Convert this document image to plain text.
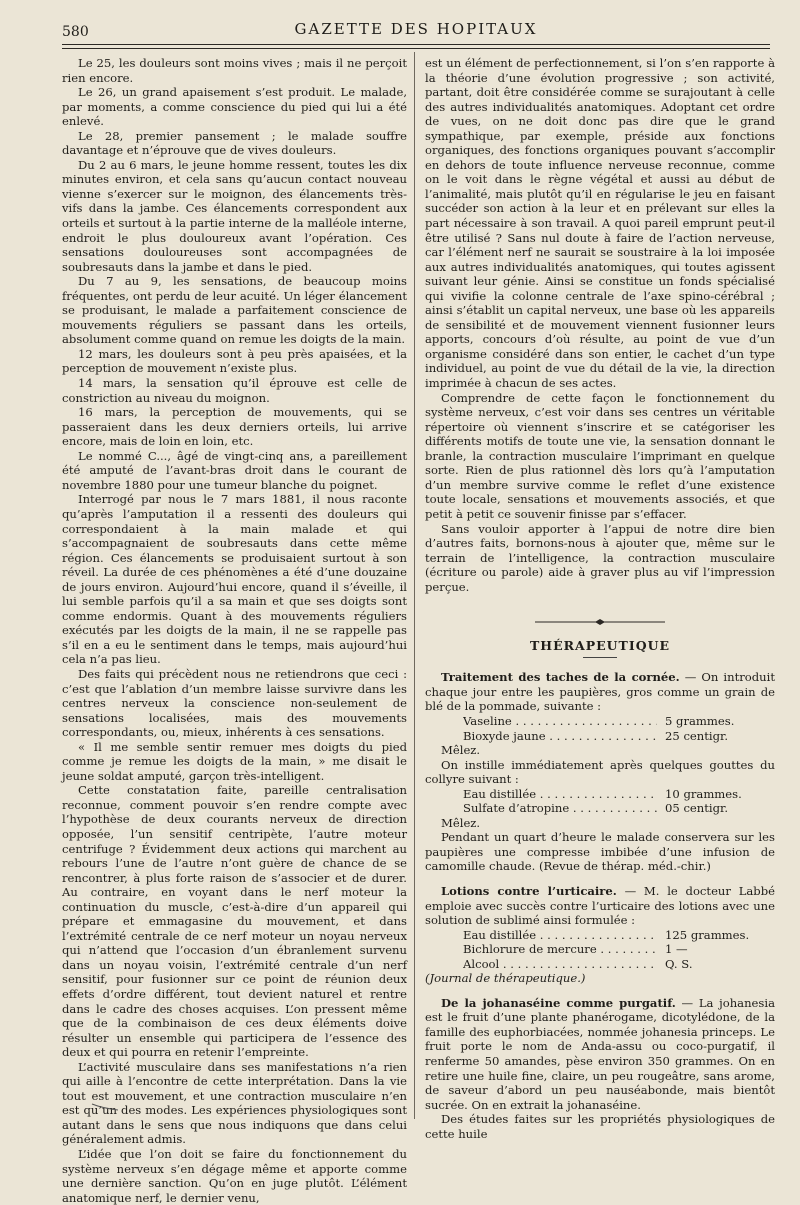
580	GAZETTE DES HOPITAUX

Le 25, les douleurs sont moins vives ; mais il ne perçoit rien encore.

Le 26, un grand apaisement s’est produit. Le malade, par moments, a comme conscience du pied qui lui a été enlevé.

Le 28, premier pansement ; le malade souffre davantage et n’éprouve que de vives douleurs.

Du 2 au 6 mars, le jeune homme ressent, toutes les dix minutes environ, et cela sans qu’aucun contact nouveau vienne s’exercer sur le moignon, des élancements très-vifs dans la jambe. Ces élancements correspondent aux orteils et surtout à la partie interne de la malléole interne, endroit le plus douloureux avant l’opération. Ces sensations douloureuses sont accompagnées de soubresauts dans la jambe et dans le pied.

Du 7 au 9, les sensations, de beaucoup moins fréquentes, ont perdu de leur acuité. Un léger élancement se produisant, le malade a parfaitement conscience de mouvements réguliers se passant dans les orteils, absolument comme quand on remue les doigts de la main.

12 mars, les douleurs sont à peu près apaisées, et la perception de mouvement n’existe plus.

14 mars, la sensation qu’il éprouve est celle de constriction au niveau du moignon.

16 mars, la perception de mouvements, qui se passeraient dans les deux derniers orteils, lui arrive encore, mais de loin en loin, etc.

Le nommé C..., âgé de vingt-cinq ans, a pareillement été amputé de l’avant-bras droit dans le courant de novembre 1880 pour une tumeur blanche du poignet.

Interrogé par nous le 7 mars 1881, il nous raconte qu’après l’amputation il a ressenti des douleurs qui correspondaient à la main malade et qui s’accompagnaient de soubresauts dans cette même région. Ces élancements se produisaient surtout à son réveil. La durée de ces phénomènes a été d’une douzaine de jours environ. Aujourd’hui encore, quand il s’éveille, il lui semble parfois qu’il a sa main et que ses doigts sont comme endormis. Quant à des mouvements réguliers exécutés par les doigts de la main, il ne se rappelle pas s’il en a eu le sentiment dans le temps, mais aujourd’hui cela n’a pas lieu.

Des faits qui précèdent nous ne retiendrons que ceci : c’est que l’ablation d’un membre laisse survivre dans les centres nerveux la conscience non-seulement de sensations localisées, mais des mouvements correspondants, ou, mieux, inhérents à ces sensations.

« Il me semble sentir remuer mes doigts du pied comme je remue les doigts de la main, » me disait le jeune soldat amputé, garçon très-intelligent.

Cette constatation faite, pareille centralisation reconnue, comment pouvoir s’en rendre compte avec l’hypothèse de deux courants nerveux de direction opposée, l’un sensitif centripète, l’autre moteur centrifuge ? Évidemment deux actions qui marchent au rebours l’une de l’autre n’ont guère de chance de se rencontrer, à plus forte raison de s’associer et de durer. Au contraire, en voyant dans le nerf moteur la continuation du muscle, c’est-à-dire d’un appareil qui prépare et emmagasine du mouvement, et dans l’extrémité centrale de ce nerf moteur un noyau nerveux qui n’attend que l’occasion d’un ébranlement survenu dans un noyau voisin, l’extrémité centrale d’un nerf sensitif, pour fusionner sur ce point de réunion deux effets d’ordre différent, tout devient naturel et rentre dans le cadre des choses acquises. L’on pressent même que de la combinaison de ces deux éléments doive résulter un ensemble qui participera de l’essence des deux et qui pourra en retenir l’empreinte.

L’activité musculaire dans ses manifestations n’a rien qui aille à l’encontre de cette interprétation. Dans la vie tout est mouvement, et une contraction musculaire n’en est qu’un des modes. Les expériences physiologiques sont autant dans le sens que nous indiquons que dans celui généralement admis.

L’idée que l’on doit se faire du fonctionnement du système nerveux s’en dégage même et apporte comme une dernière sanction. Qu’on en juge plutôt. L’élément anatomique nerf, le dernier venu,

est un élément de perfectionnement, si l’on s’en rapporte à la théorie d’une évolution progressive ; son activité, partant, doit être considérée comme se surajoutant à celle des autres individualités anatomiques. Adoptant cet ordre de vues, on ne doit donc pas dire que le grand sympathique, par exemple, préside aux fonctions organiques, des fonctions organiques pouvant s’accomplir en dehors de toute influence nerveuse reconnue, comme on le voit dans le règne végétal et aussi au début de l’animalité, mais plutôt qu’il en régularise le jeu en faisant succéder son action à la leur et en prélevant sur elles la part nécessaire à son travail. A quoi pareil emprunt peut-il être utilisé ? Sans nul doute à faire de l’action nerveuse, car l’élément nerf ne saurait se soustraire à la loi imposée aux autres individualités anatomiques, qui toutes agissent suivant leur génie. Ainsi se constitue un fonds spécialisé qui vivifie la colonne centrale de l’axe spino-cérébral ; ainsi s’établit un capital nerveux, une base où les appareils de sensibilité et de mouvement viennent fusionner leurs apports, concours d’où résulte, au point de vue d’un organisme considéré dans son entier, le cachet d’un type individuel, au point de vue du détail de la vie, la direction imprimée à chacun de ses actes.

Comprendre de cette façon le fonctionnement du système nerveux, c’est voir dans ses centres un véritable répertoire où viennent s’inscrire et se catégoriser les différents motifs de toute une vie, la sensation donnant le branle, la contraction musculaire l’imprimant en quelque sorte. Rien de plus rationnel dès lors qu’à l’amputation d’un membre survive comme le reflet d’une existence toute locale, sensations et mouvements associés, et que petit à petit ce souvenir finisse par s’effacer.

Sans vouloir apporter à l’appui de notre dire bien d’autres faits, bornons-nous à ajouter que, même sur le terrain de l’intelligence, la contraction musculaire (écriture ou parole) aide à graver plus au vif l’impression perçue.

THÉRAPEUTIQUE

Traitement des taches de la cornée. — On introduit chaque jour entre les paupières, gros comme un grain de blé de la pommade, suivante :

Vaseline . . .	5 grammes.
Bioxyde jaune . . .	25 centigr.

Mêlez.

On instille immédiatement après quelques gouttes du collyre suivant :

Eau distillée . . .	10 grammes.
Sulfate d’atropine . . .	05 centigr.

Mêlez.

Pendant un quart d’heure le malade conservera sur les paupières une compresse imbibée d’une infusion de camomille chaude. (Revue de thérap. méd.-chir.)

Lotions contre l’urticaire. — M. le docteur Labbé emploie avec succès contre l’urticaire des lotions avec une solution de sublimé ainsi formulée :

Eau distillée . . .	125 grammes.
Bichlorure de mercure . . .	1 —
Alcool . . .	Q. S.

(Journal de thérapeutique.)

De la johanaséine comme purgatif. — La johanesia est le fruit d’une plante phanérogame, dicotylédone, de la famille des euphorbiacées, nommée johanesia princeps. Le fruit porte le nom de Anda-assu ou coco-purgatif, il renferme 50 amandes, pèse environ 350 grammes. On en retire une huile fine, claire, un peu rougeâtre, sans arome, de saveur d’abord un peu nauséabonde, mais bientôt sucrée. On en extrait la johanaséine.

Des études faites sur les propriétés physiologiques de cette huile
